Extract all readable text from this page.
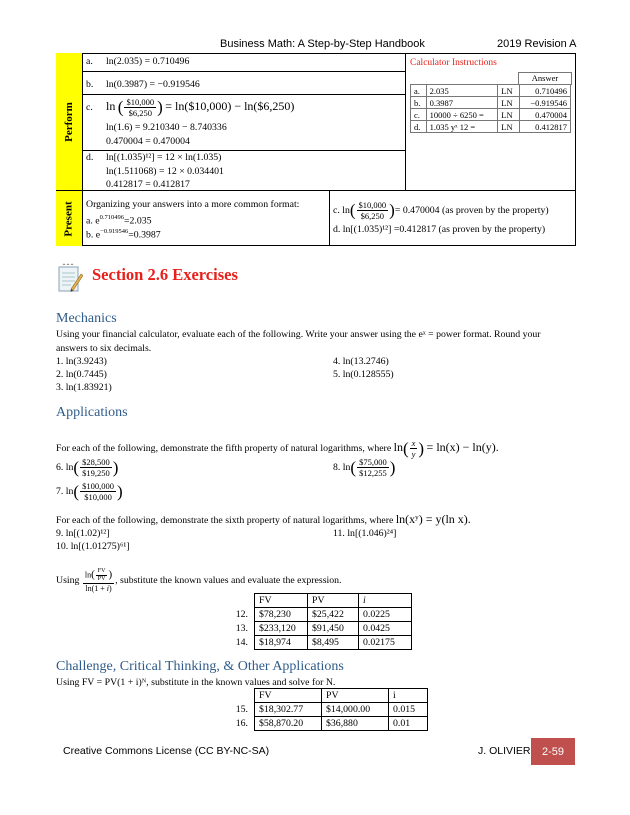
Business Math: A Step-by-Step Handbook	2019 Revision A
Perform
Present
a. ln(2.035) = 0.710496
b. ln(0.3987) = −0.919546
c. ln ( $\frac{\$10,000}{\$6,250}$ ) = ln($10,000) − ln($6,250)
ln(1.6) = 9.210340 − 8.740336
0.470004 = 0.470004
d. ln[(1.035)¹²] = 12 × ln(1.035)
ln(1.511068) = 12 × 0.034401
0.412817 = 0.412817
Calculator Instructions
Answer
a.	2.035	LN	0.710496
b.	0.3987	LN	−0.919546
c.	10000 ÷ 6250 =	LN	0.470004
d.	1.035 yˣ 12 =	LN	0.412817
Organizing your answers into a more common format:
a. $e^{0.710496}=2.035$
b. $e^{-0.919546}=0.3987$
c. $\ln( \frac{\$10,000}{\$6,250}$ )= 0.470004 (as proven by the property)
d. ln[(1.035)¹²] =0.412817 (as proven by the property)
Section 2.6 Exercises
Mechanics
Using your financial calculator, evaluate each of the following. Write your answer using the eˣ = power format. Round your
answers to six decimals.
1. ln(3.9243)
2. ln(0.7445)
3. ln(1.83921)
4. ln(13.2746)
5. ln(0.128555)
Applications
For each of the following, demonstrate the fifth property of natural logarithms, where $\ln( \frac{x}{y}$ ) = ln(x) − ln(y).
6. $\ln( \frac{\$28,500}{\$19,250}$ )
7. $\ln( \frac{\$100,000}{\$10,000}$ )
8. $\ln( \frac{\$75,000}{\$12,255}$ )
For each of the following, demonstrate the sixth property of natural logarithms, where ln(xʸ) = y(ln x).
9. ln[(1.02)¹²]
10. ln[(1.01275)⁶¹]
11. ln[(1.046)²⁴]
Using $\frac{\ln( \frac{FV}{PV} )}{\ln(1 + i)}$ , substitute the known values and evaluate the expression.
	FV	PV	i
12.	$78,230	$25,422	0.0225
13.	$233,120	$91,450	0.0425
14.	$18,974	$8,495	0.02175
Challenge, Critical Thinking, & Other Applications
Using FV = PV(1 + i)ᴺ, substitute in the known values and solve for N.
	FV	PV	i
15.	$18,302.77	$14,000.00	0.015
16.	$58,870.20	$36,880	0.01
Creative Commons License (CC BY-NC-SA)	J. OLIVIER	2-59
